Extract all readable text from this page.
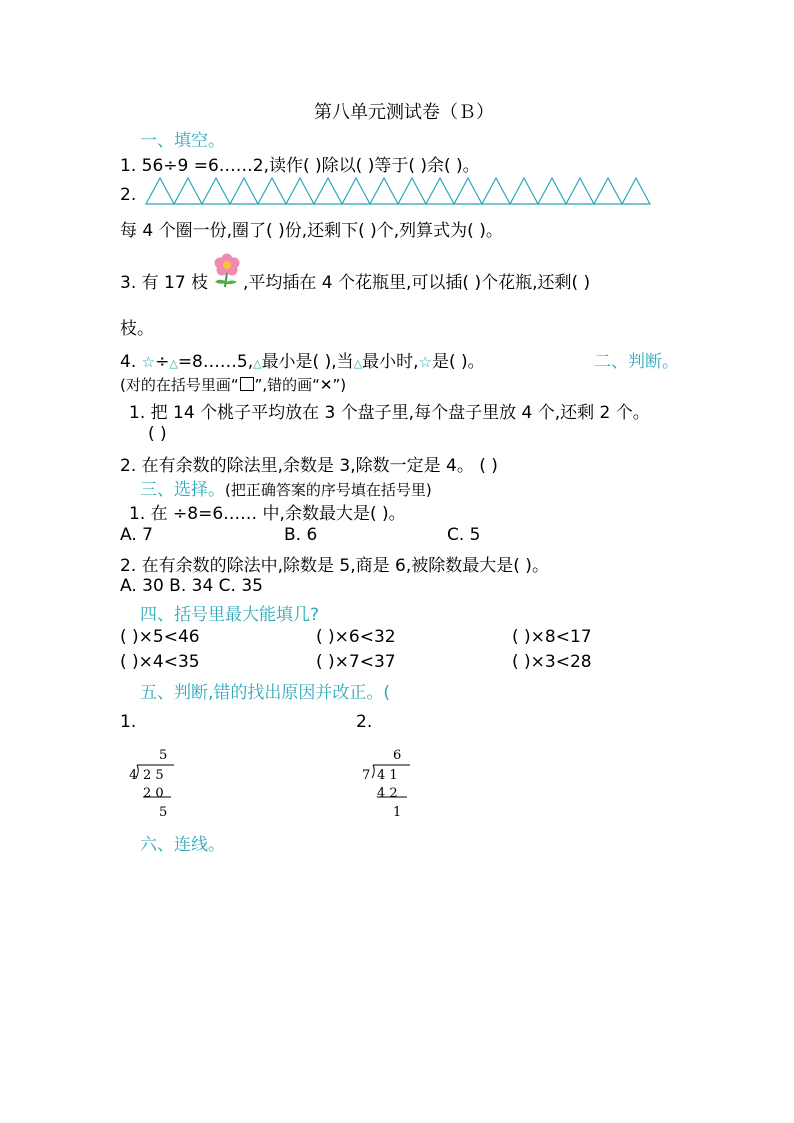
第八单元测试卷（Ｂ）
一、填空。
1. 56÷9 =6……2,读作( )除以( )等于( )余( )。
2.
每 4 个圈一份,圈了( )份,还剩下( )个,列算式为( )。
3. 有 17 枝 ,平均插在 4 个花瓶里,可以插( )个花瓶,还剩( )
枝。
4. ☆÷△=8……5,△最小是( ),当△最小时,☆是( )。	二、判断。
(对的在括号里画“ ”,错的画“✕”)
1. 把 14 个桃子平均放在 3 个盘子里,每个盘子里放 4 个,还剩 2 个。
( )
2. 在有余数的除法里,余数是 3,除数一定是 4。 ( )
三、选择。(把正确答案的序号填在括号里)
1. 在 ÷8=6…… 中,余数最大是( )。
A. 7	B. 6	C. 5
2. 在有余数的除法中,除数是 5,商是 6,被除数最大是( )。
A. 30 B. 34 C. 35
四、括号里最大能填几?
( )×5<46	( )×6<32	( )×8<17
( )×4<35	( )×7<37	( )×3<28
五、判断,错的找出原因并改正。(
1.	2.
5
4 2 5
2 0
5
6
7 4 1
4 2
1
六、连线。
